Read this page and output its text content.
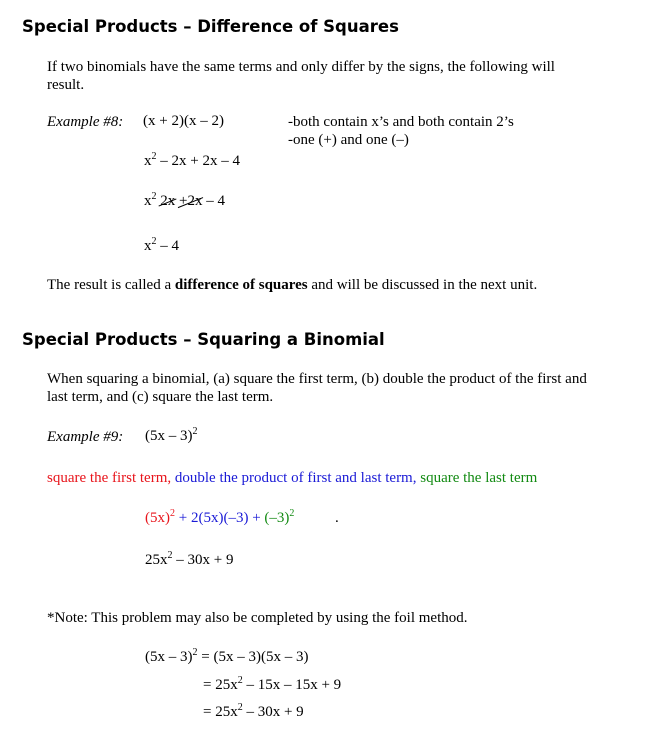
Special Products – Difference of Squares
If two binomials have the same terms and only differ by the signs, the following will
result.
Example #8: (x + 2)(x – 2)	-both contain x’s and both contain 2’s
-one (+) and one (–)
$x^2 - 2x + 2x - 4$
$x^2$ 2x +2x – 4
$x^2 - 4$
The result is called a difference of squares and will be discussed in the next unit.
Special Products – Squaring a Binomial
When squaring a binomial, (a) square the first term, (b) double the product of the first and
last term, and (c) square the last term.
Example #9: (5x – 3)$^2$
square the first term, double the product of first and last term, square the last term
$(5x)^2 + 2(5x)(-3) + (-3)^2$	.
$25x^2 - 30x + 9$
*Note: This problem may also be completed by using the foil method.
(5x – 3)$^2$ = (5x – 3)(5x – 3)
= $25x^2 - 15x - 15x + 9$
= $25x^2 - 30x + 9$
